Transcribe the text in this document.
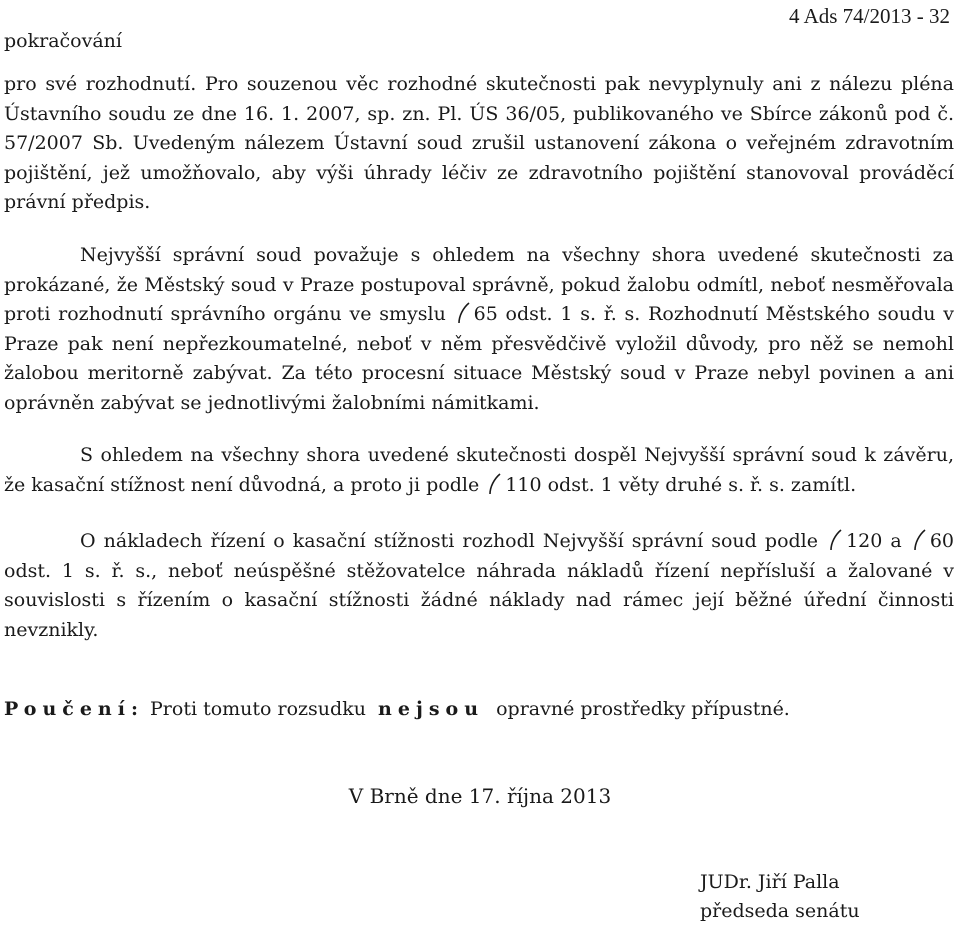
pokračování
4 Ads 74/2013 - 32

pro své rozhodnutí. Pro souzenou věc rozhodné skutečnosti pak nevyplynuly ani z nálezu pléna Ústavního soudu ze dne 16. 1. 2007, sp. zn. Pl. ÚS 36/05, publikovaného ve Sbírce zákonů pod č. 57/2007 Sb. Uvedeným nálezem Ústavní soud zrušil ustanovení zákona o veřejném zdravotním pojištění, jež umožňovalo, aby výši úhrady léčiv ze zdravotního pojištění stanovoval prováděcí právní předpis.

Nejvyšší správní soud považuje s ohledem na všechny shora uvedené skutečnosti za prokázané, že Městský soud v Praze postupoval správně, pokud žalobu odmítl, neboť nesměřovala proti rozhodnutí správního orgánu ve smyslu 65 odst. 1 s. ř. s. Rozhodnutí Městského soudu v Praze pak není nepřezkoumatelné, neboť v něm přesvědčivě vyložil důvody, pro něž se nemohl žalobou meritorně zabývat. Za této procesní situace Městský soud v Praze nebyl povinen a ani oprávněn zabývat se jednotlivými žalobními námitkami.

S ohledem na všechny shora uvedené skutečnosti dospěl Nejvyšší správní soud k závěru, že kasační stížnost není důvodná, a proto ji podle 110 odst. 1 věty druhé s. ř. s. zamítl.

O nákladech řízení o kasační stížnosti rozhodl Nejvyšší správní soud podle 120 a 60 odst. 1 s. ř. s., neboť neúspěšné stěžovatelce náhrada nákladů řízení nepřísluší a žalované v souvislosti s řízením o kasační stížnosti žádné náklady nad rámec její běžné úřední činnosti nevznikly.

Poučení: Proti tomuto rozsudku nejsou opravné prostředky přípustné.
V Brně dne 17. října 2013
JUDr. Jiří Palla
předseda senátu
